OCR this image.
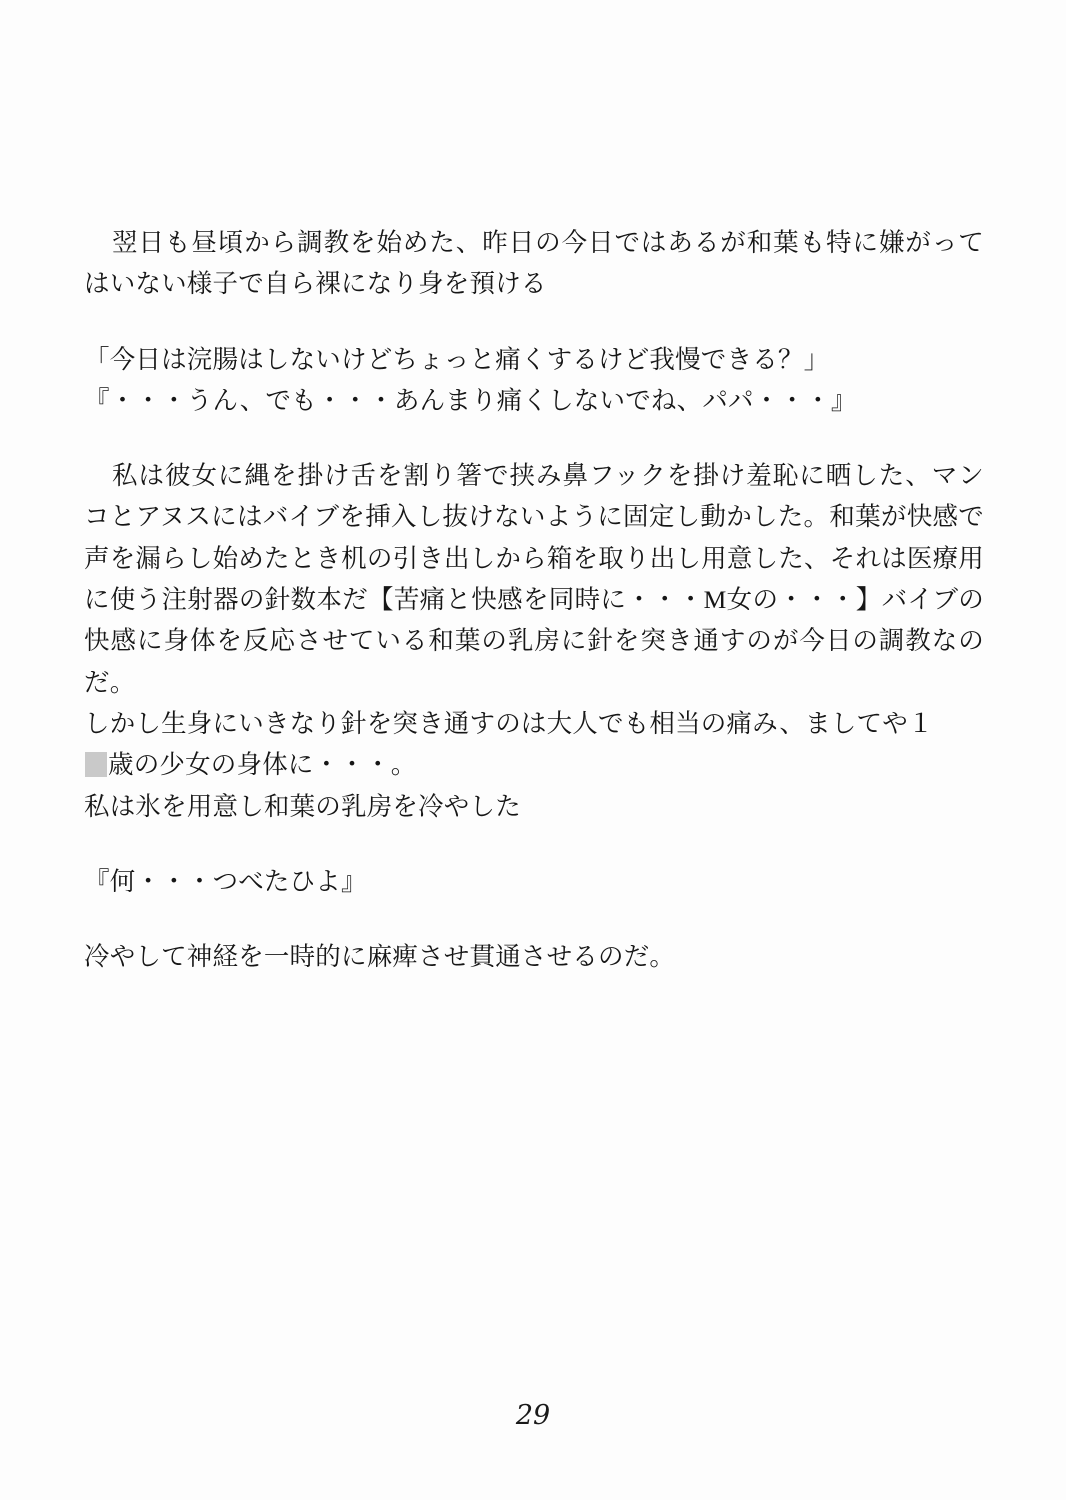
翌日も昼頃から調教を始めた、昨日の今日ではあるが和葉も特に嫌がってはいない様子で自ら裸になり身を預ける

「今日は浣腸はしないけどちょっと痛くするけど我慢できる？」

『・・・うん、でも・・・あんまり痛くしないでね、パパ・・・』

私は彼女に縄を掛け舌を割り箸で挟み鼻フックを掛け羞恥に晒した、マンコとアヌスにはバイブを挿入し抜けないように固定し動かした。和葉が快感で声を漏らし始めたとき机の引き出しから箱を取り出し用意した、それは医療用に使う注射器の針数本だ【苦痛と快感を同時に・・・M女の・・・】バイブの快感に身体を反応させている和葉の乳房に針を突き通すのが今日の調教なのだ。

しかし生身にいきなり針を突き通すのは大人でも相当の痛み、ましてや１

歳の少女の身体に・・・。

私は氷を用意し和葉の乳房を冷やした

『何・・・つべたひよ』

冷やして神経を一時的に麻痺させ貫通させるのだ。

29
